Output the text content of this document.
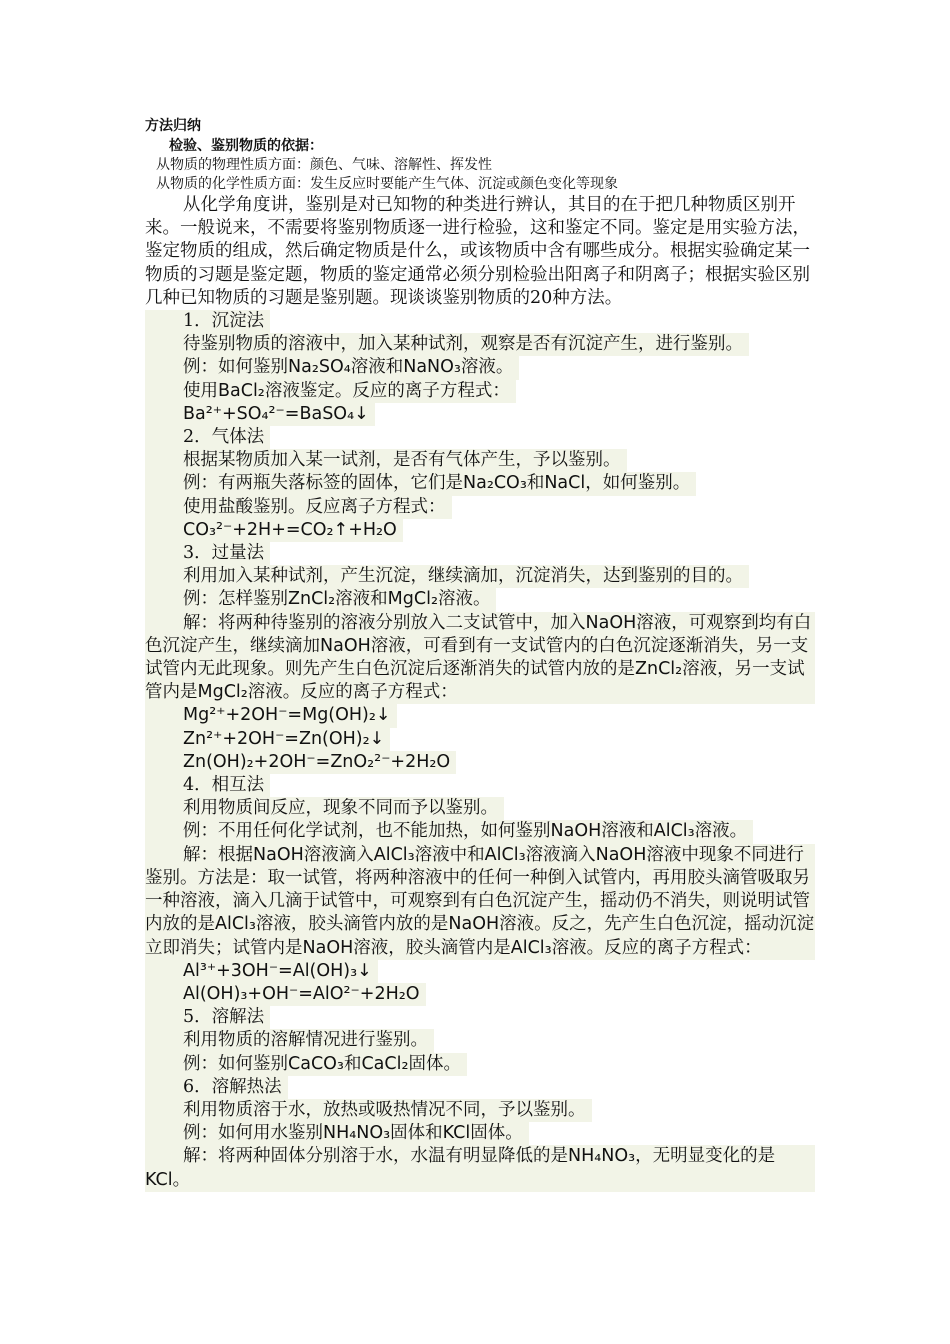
方法归纳
检验、鉴别物质的依据：
从物质的物理性质方面：颜色、气味、溶解性、挥发性
从物质的化学性质方面：发生反应时要能产生气体、沉淀或颜色变化等现象

从化学角度讲，鉴别是对已知物的种类进行辨认，其目的在于把几种物质区别开来。一般说来，不需要将鉴别物质逐一进行检验，这和鉴定不同。鉴定是用实验方法，鉴定物质的组成，然后确定物质是什么，或该物质中含有哪些成分。根据实验确定某一物质的习题是鉴定题，物质的鉴定通常必须分别检验出阳离子和阴离子；根据实验区别几种已知物质的习题是鉴别题。现谈谈鉴别物质的20种方法。

1．沉淀法
待鉴别物质的溶液中，加入某种试剂，观察是否有沉淀产生，进行鉴别。
例：如何鉴别Na₂SO₄溶液和NaNO₃溶液。
使用BaCl₂溶液鉴定。反应的离子方程式：
Ba²⁺+SO₄²⁻=BaSO₄↓
2．气体法
根据某物质加入某一试剂，是否有气体产生，予以鉴别。
例：有两瓶失落标签的固体，它们是Na₂CO₃和NaCl，如何鉴别。
使用盐酸鉴别。反应离子方程式：
CO₃²⁻+2H+=CO₂↑+H₂O
3．过量法
利用加入某种试剂，产生沉淀，继续滴加，沉淀消失，达到鉴别的目的。
例：怎样鉴别ZnCl₂溶液和MgCl₂溶液。

解：将两种待鉴别的溶液分别放入二支试管中，加入NaOH溶液，可观察到均有白色沉淀产生，继续滴加NaOH溶液，可看到有一支试管内的白色沉淀逐渐消失，另一支试管内无此现象。则先产生白色沉淀后逐渐消失的试管内放的是ZnCl₂溶液，另一支试管内是MgCl₂溶液。反应的离子方程式：

Mg²⁺+2OH⁻=Mg(OH)₂↓
Zn²⁺+2OH⁻=Zn(OH)₂↓
Zn(OH)₂+2OH⁻=ZnO₂²⁻+2H₂O
4．相互法
利用物质间反应，现象不同而予以鉴别。
例：不用任何化学试剂，也不能加热，如何鉴别NaOH溶液和AlCl₃溶液。

解：根据NaOH溶液滴入AlCl₃溶液中和AlCl₃溶液滴入NaOH溶液中现象不同进行鉴别。方法是：取一试管，将两种溶液中的任何一种倒入试管内，再用胶头滴管吸取另一种溶液，滴入几滴于试管中，可观察到有白色沉淀产生，摇动仍不消失，则说明试管内放的是AlCl₃溶液，胶头滴管内放的是NaOH溶液。反之，先产生白色沉淀，摇动沉淀立即消失；试管内是NaOH溶液，胶头滴管内是AlCl₃溶液。反应的离子方程式：

Al³⁺+3OH⁻=Al(OH)₃↓
Al(OH)₃+OH⁻=AlO²⁻+2H₂O
5．溶解法
利用物质的溶解情况进行鉴别。
例：如何鉴别CaCO₃和CaCl₂固体。
6．溶解热法
利用物质溶于水，放热或吸热情况不同，予以鉴别。
例：如何用水鉴别NH₄NO₃固体和KCl固体。

解：将两种固体分别溶于水，水温有明显降低的是NH₄NO₃，无明显变化的是KCl。
